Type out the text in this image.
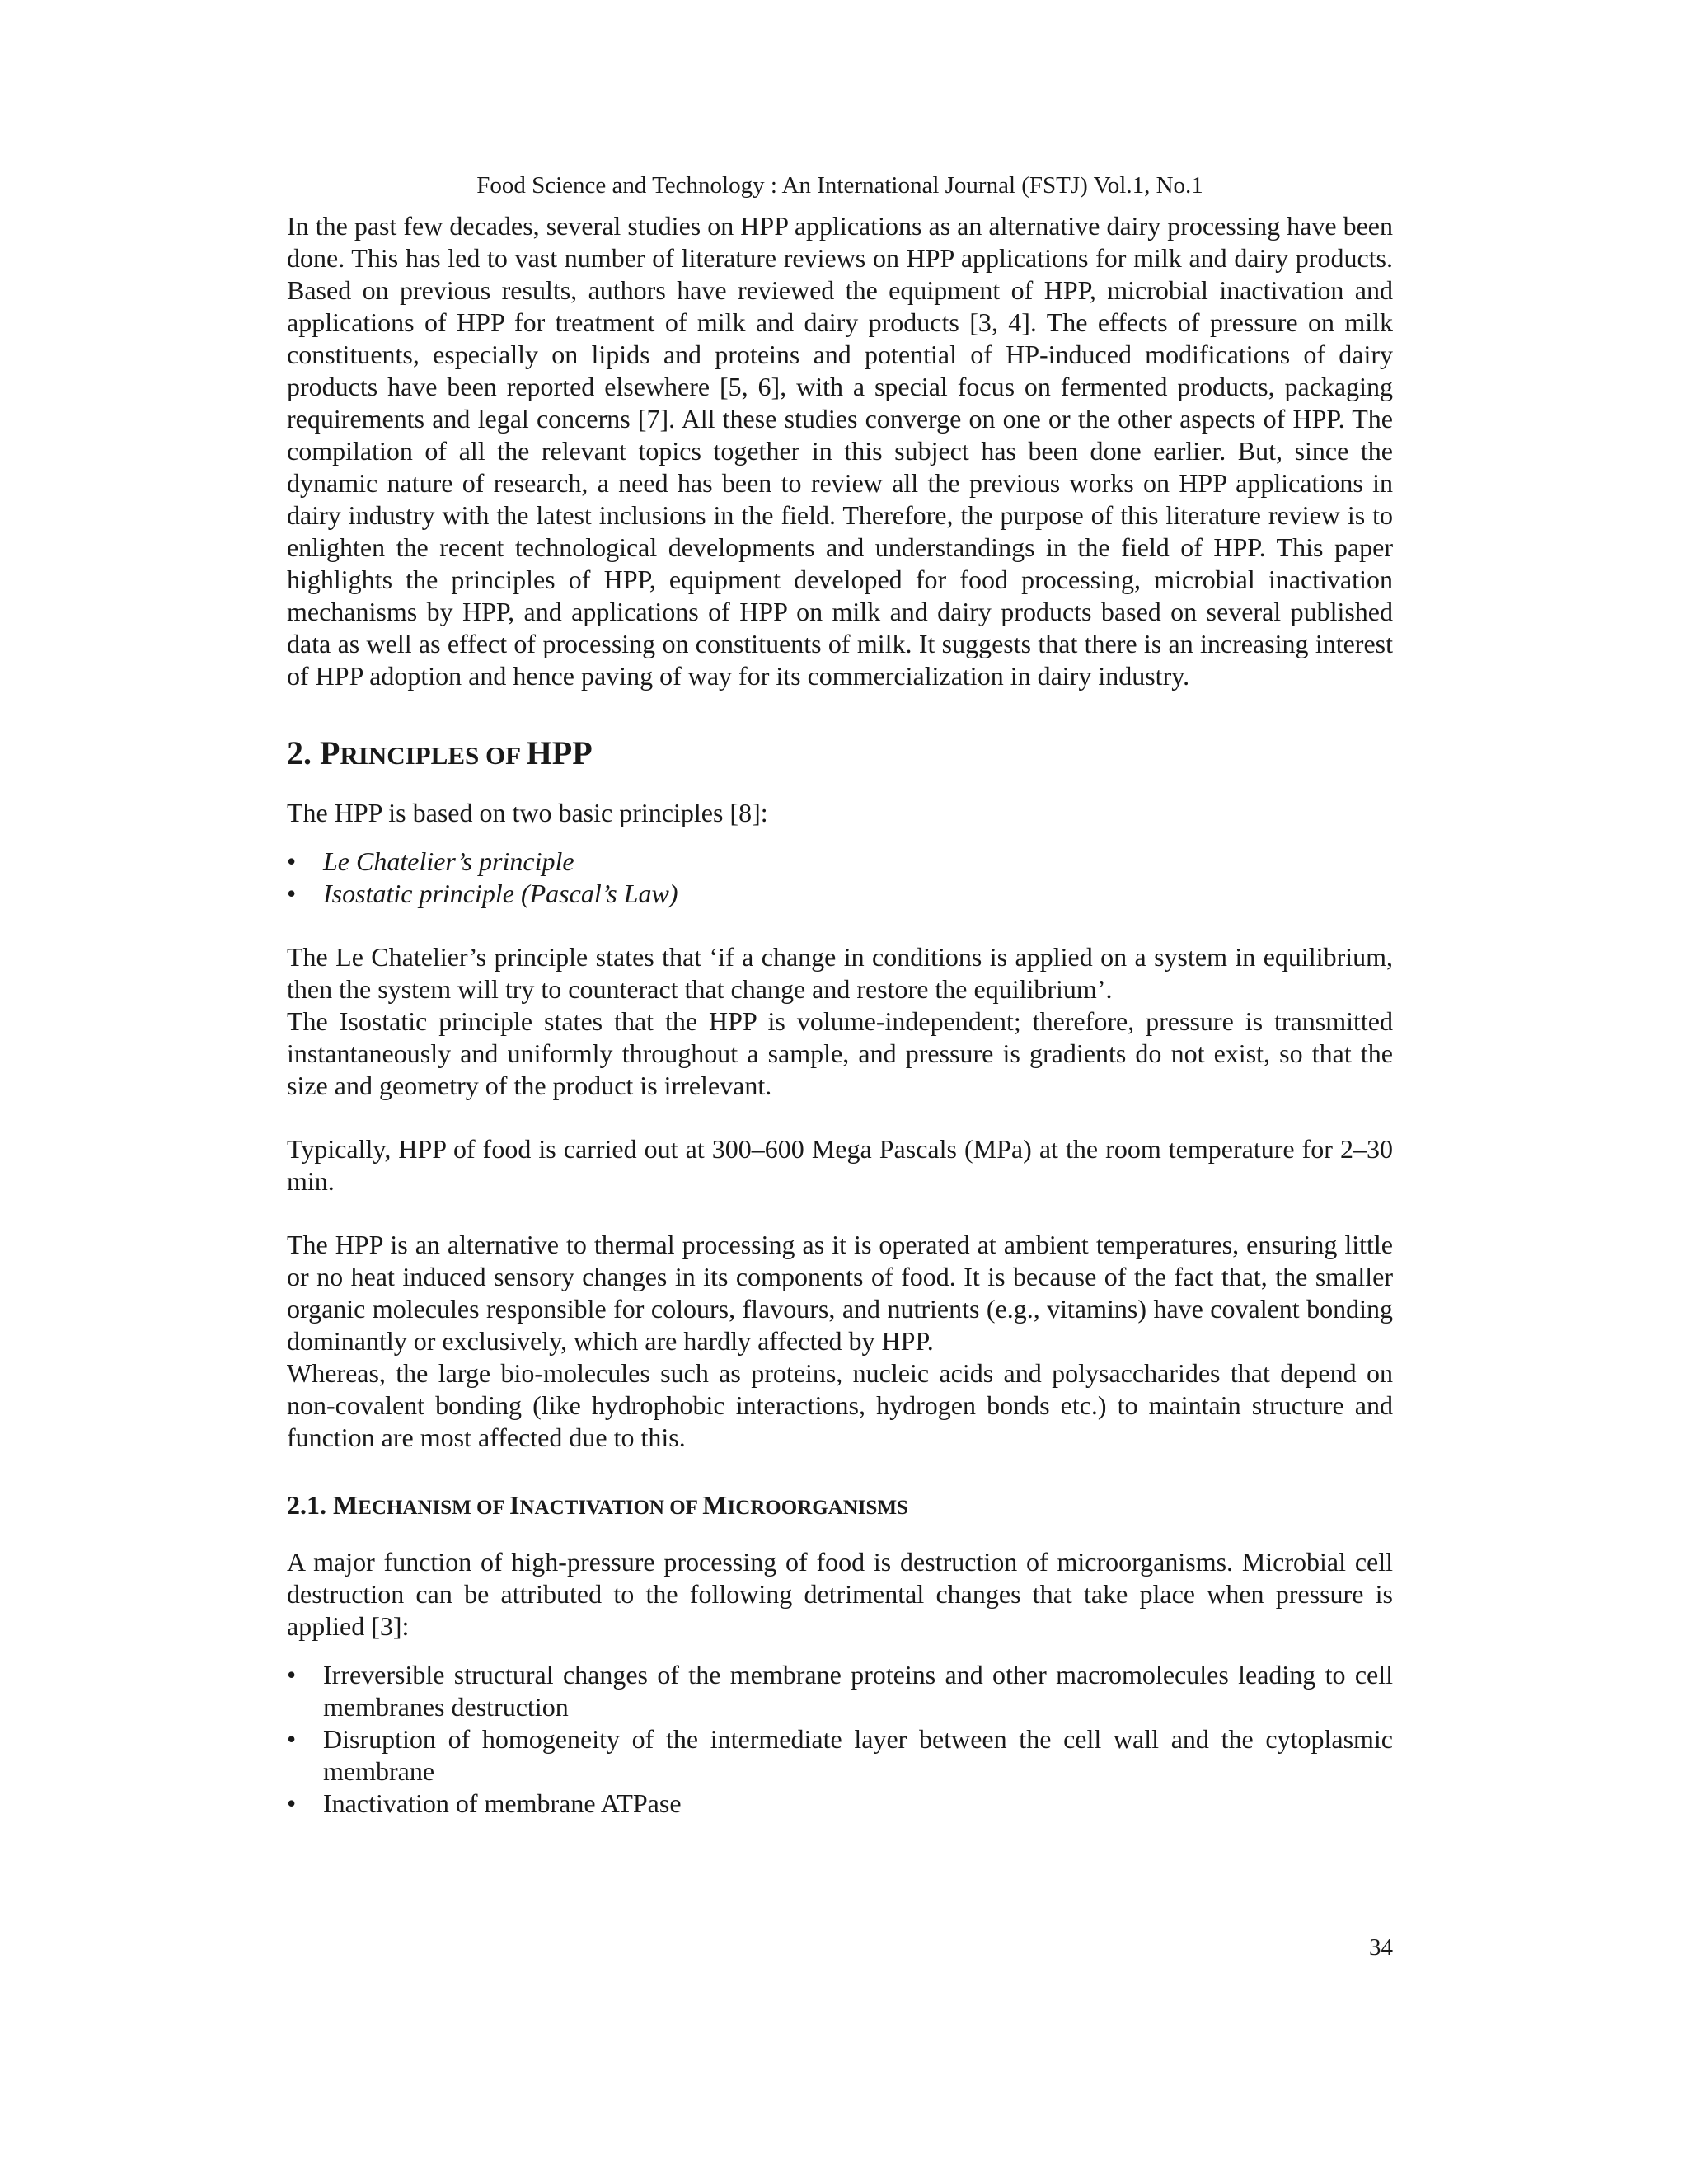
Food Science and Technology : An International Journal (FSTJ) Vol.1, No.1

In the past few decades, several studies on HPP applications as an alternative dairy processing have been done. This has led to vast number of literature reviews on HPP applications for milk and dairy products. Based on previous results, authors have reviewed the equipment of HPP, microbial inactivation and applications of HPP for treatment of milk and dairy products [3, 4]. The effects of pressure on milk constituents, especially on lipids and proteins and potential of HP-induced modifications of dairy products have been reported elsewhere [5, 6], with a special focus on fermented products, packaging requirements and legal concerns [7]. All these studies converge on one or the other aspects of HPP. The compilation of all the relevant topics together in this subject has been done earlier. But, since the dynamic nature of research, a need has been to review all the previous works on HPP applications in dairy industry with the latest inclusions in the field. Therefore, the purpose of this literature review is to enlighten the recent technological developments and understandings in the field of HPP. This paper highlights the principles of HPP, equipment developed for food processing, microbial inactivation mechanisms by HPP, and applications of HPP on milk and dairy products based on several published data as well as effect of processing on constituents of milk. It suggests that there is an increasing interest of HPP adoption and hence paving of way for its commercialization in dairy industry.

2. PRINCIPLES OF HPP

The HPP is based on two basic principles [8]:

• Le Chatelier’s principle
• Isostatic principle (Pascal’s Law)

The Le Chatelier’s principle states that ‘if a change in conditions is applied on a system in equilibrium, then the system will try to counteract that change and restore the equilibrium’.

The Isostatic principle states that the HPP is volume-independent; therefore, pressure is transmitted instantaneously and uniformly throughout a sample, and pressure is gradients do not exist, so that the size and geometry of the product is irrelevant.

Typically, HPP of food is carried out at 300–600 Mega Pascals (MPa) at the room temperature for 2–30 min.

The HPP is an alternative to thermal processing as it is operated at ambient temperatures, ensuring little or no heat induced sensory changes in its components of food. It is because of the fact that, the smaller organic molecules responsible for colours, flavours, and nutrients (e.g., vitamins) have covalent bonding dominantly or exclusively, which are hardly affected by HPP.

Whereas, the large bio-molecules such as proteins, nucleic acids and polysaccharides that depend on non-covalent bonding (like hydrophobic interactions, hydrogen bonds etc.) to maintain structure and function are most affected due to this.

2.1. MECHANISM OF INACTIVATION OF MICROORGANISMS

A major function of high-pressure processing of food is destruction of microorganisms. Microbial cell destruction can be attributed to the following detrimental changes that take place when pressure is applied [3]:

• Irreversible structural changes of the membrane proteins and other macromolecules leading to cell membranes destruction
• Disruption of homogeneity of the intermediate layer between the cell wall and the cytoplasmic membrane
• Inactivation of membrane ATPase
34
